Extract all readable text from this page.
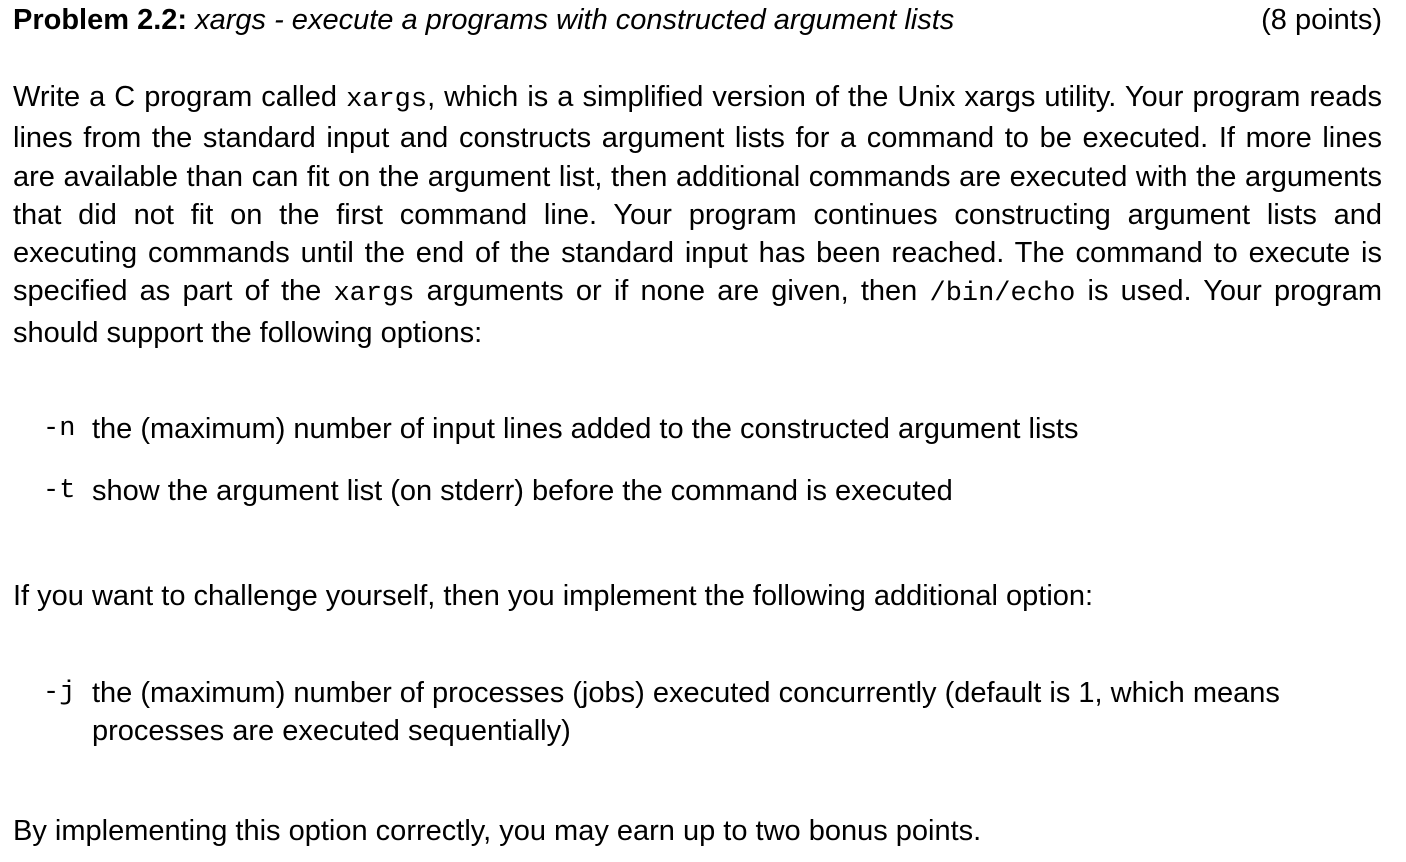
Problem 2.2: xargs - execute a programs with constructed argument lists	(8 points)

Write a C program called xargs, which is a simplified version of the Unix xargs utility. Your program reads lines from the standard input and constructs argument lists for a command to be executed. If more lines are available than can fit on the argument list, then additional commands are executed with the arguments that did not fit on the first command line. Your program continues constructing argument lists and executing commands until the end of the standard input has been reached. The command to execute is specified as part of the xargs arguments or if none are given, then /bin/echo is used. Your program should support the following options:

-n the (maximum) number of input lines added to the constructed argument lists
-t show the argument list (on stderr) before the command is executed

If you want to challenge yourself, then you implement the following additional option:

-j the (maximum) number of processes (jobs) executed concurrently (default is 1, which means processes are executed sequentially)

By implementing this option correctly, you may earn up to two bonus points.
